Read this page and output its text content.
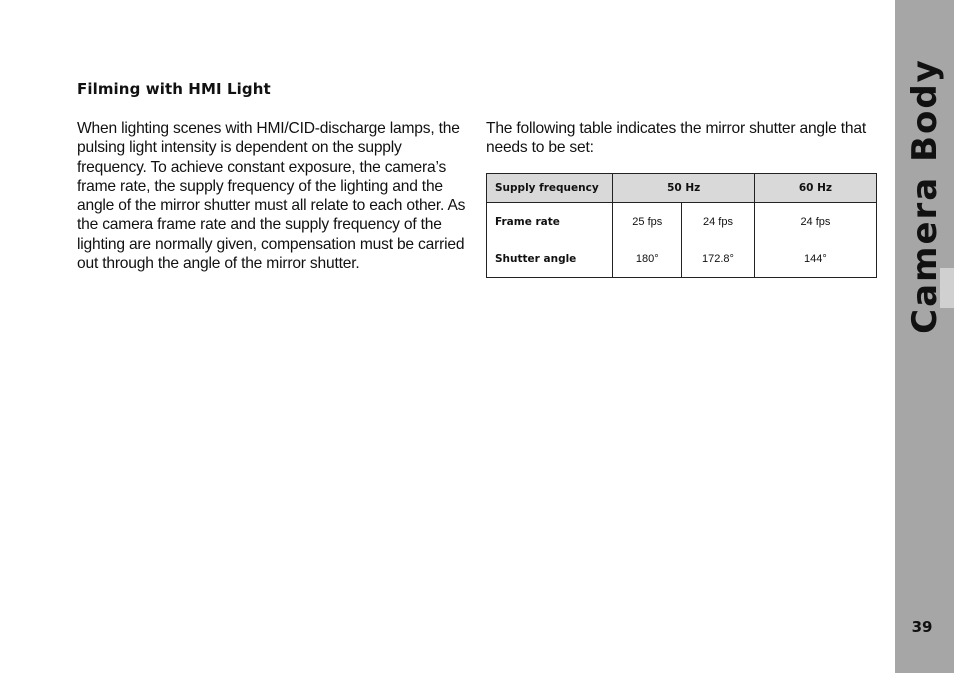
Filming with HMI Light

When lighting scenes with HMI/CID-discharge lamps, the pulsing light intensity is dependent on the supply frequency. To achieve constant exposure, the camera’s frame rate, the supply frequency of the lighting and the angle of the mirror shutter must all relate to each other. As the camera frame rate and the supply frequency of the lighting are normally given, compensation must be carried out through the angle of the mirror shutter.

The following table indicates the mirror shutter angle that needs to be set:

Supply frequency	50 Hz		60 Hz
Frame rate	25 fps	24 fps	24 fps
Shutter angle	180°	172.8°	144° Camera Body
39
